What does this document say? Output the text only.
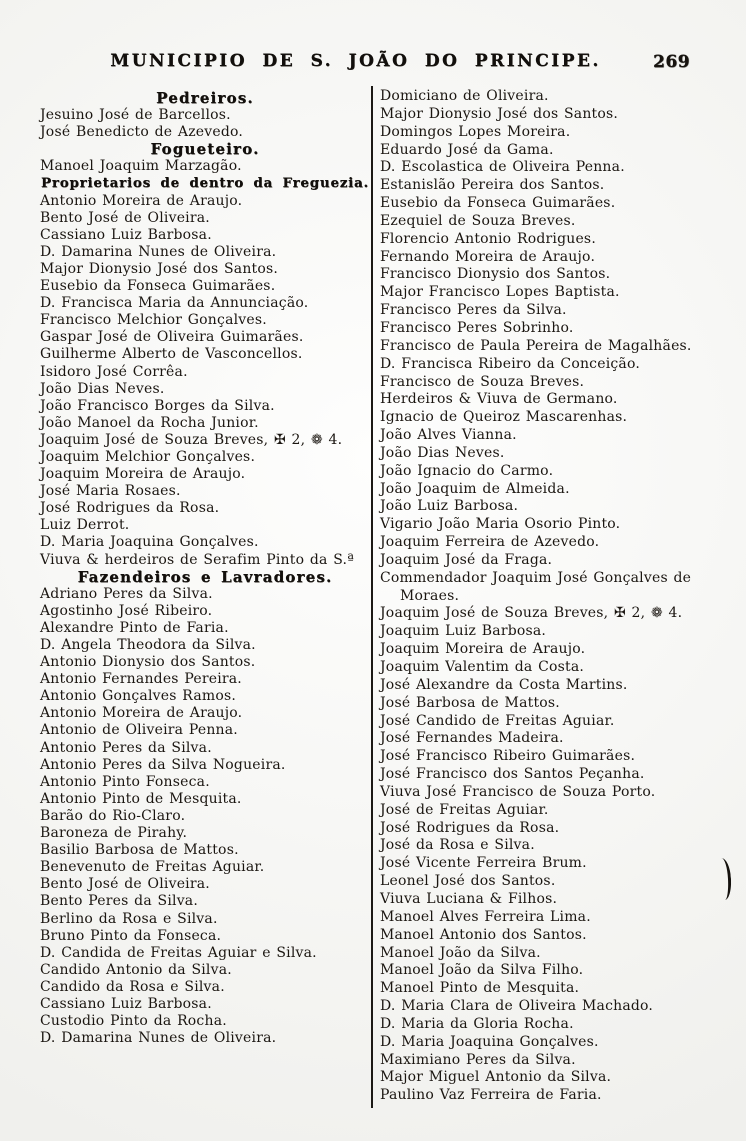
MUNICIPIO DE S. JOÃO DO PRINCIPE.	269
Pedreiros.
Jesuino José de Barcellos.
José Benedicto de Azevedo.
Fogueteiro.
Manoel Joaquim Marzagão.
Proprietarios de dentro da Freguezia.
Antonio Moreira de Araujo.
Bento José de Oliveira.
Cassiano Luiz Barbosa.
D. Damarina Nunes de Oliveira.
Major Dionysio José dos Santos.
Eusebio da Fonseca Guimarães.
D. Francisca Maria da Annunciação.
Francisco Melchior Gonçalves.
Gaspar José de Oliveira Guimarães.
Guilherme Alberto de Vasconcellos.
Isidoro José Corrêa.
João Dias Neves.
João Francisco Borges da Silva.
João Manoel da Rocha Junior.
Joaquim José de Souza Breves, ✠ 2, ❁ 4.
Joaquim Melchior Gonçalves.
Joaquim Moreira de Araujo.
José Maria Rosaes.
José Rodrigues da Rosa.
Luiz Derrot.
D. Maria Joaquina Gonçalves.
Viuva & herdeiros de Serafim Pinto da S.ª
Fazendeiros e Lavradores.
Adriano Peres da Silva.
Agostinho José Ribeiro.
Alexandre Pinto de Faria.
D. Angela Theodora da Silva.
Antonio Dionysio dos Santos.
Antonio Fernandes Pereira.
Antonio Gonçalves Ramos.
Antonio Moreira de Araujo.
Antonio de Oliveira Penna.
Antonio Peres da Silva.
Antonio Peres da Silva Nogueira.
Antonio Pinto Fonseca.
Antonio Pinto de Mesquita.
Barão do Rio-Claro.
Baroneza de Pirahy.
Basilio Barbosa de Mattos.
Benevenuto de Freitas Aguiar.
Bento José de Oliveira.
Bento Peres da Silva.
Berlino da Rosa e Silva.
Bruno Pinto da Fonseca.
D. Candida de Freitas Aguiar e Silva.
Candido Antonio da Silva.
Candido da Rosa e Silva.
Cassiano Luiz Barbosa.
Custodio Pinto da Rocha.
D. Damarina Nunes de Oliveira.
Domiciano de Oliveira.
Major Dionysio José dos Santos.
Domingos Lopes Moreira.
Eduardo José da Gama.
D. Escolastica de Oliveira Penna.
Estanislão Pereira dos Santos.
Eusebio da Fonseca Guimarães.
Ezequiel de Souza Breves.
Florencio Antonio Rodrigues.
Fernando Moreira de Araujo.
Francisco Dionysio dos Santos.
Major Francisco Lopes Baptista.
Francisco Peres da Silva.
Francisco Peres Sobrinho.
Francisco de Paula Pereira de Magalhães.
D. Francisca Ribeiro da Conceição.
Francisco de Souza Breves.
Herdeiros & Viuva de Germano.
Ignacio de Queiroz Mascarenhas.
João Alves Vianna.
João Dias Neves.
João Ignacio do Carmo.
João Joaquim de Almeida.
João Luiz Barbosa.
Vigario João Maria Osorio Pinto.
Joaquim Ferreira de Azevedo.
Joaquim José da Fraga.
Commendador Joaquim José Gonçalves de Moraes.
Joaquim José de Souza Breves, ✠ 2, ❁ 4.
Joaquim Luiz Barbosa.
Joaquim Moreira de Araujo.
Joaquim Valentim da Costa.
José Alexandre da Costa Martins.
José Barbosa de Mattos.
José Candido de Freitas Aguiar.
José Fernandes Madeira.
José Francisco Ribeiro Guimarães.
José Francisco dos Santos Peçanha.
Viuva José Francisco de Souza Porto.
José de Freitas Aguiar.
José Rodrigues da Rosa.
José da Rosa e Silva.
José Vicente Ferreira Brum.
Leonel José dos Santos.
Viuva Luciana & Filhos.
Manoel Alves Ferreira Lima.
Manoel Antonio dos Santos.
Manoel João da Silva.
Manoel João da Silva Filho.
Manoel Pinto de Mesquita.
D. Maria Clara de Oliveira Machado.
D. Maria da Gloria Rocha.
D. Maria Joaquina Gonçalves.
Maximiano Peres da Silva.
Major Miguel Antonio da Silva.
Paulino Vaz Ferreira de Faria.
